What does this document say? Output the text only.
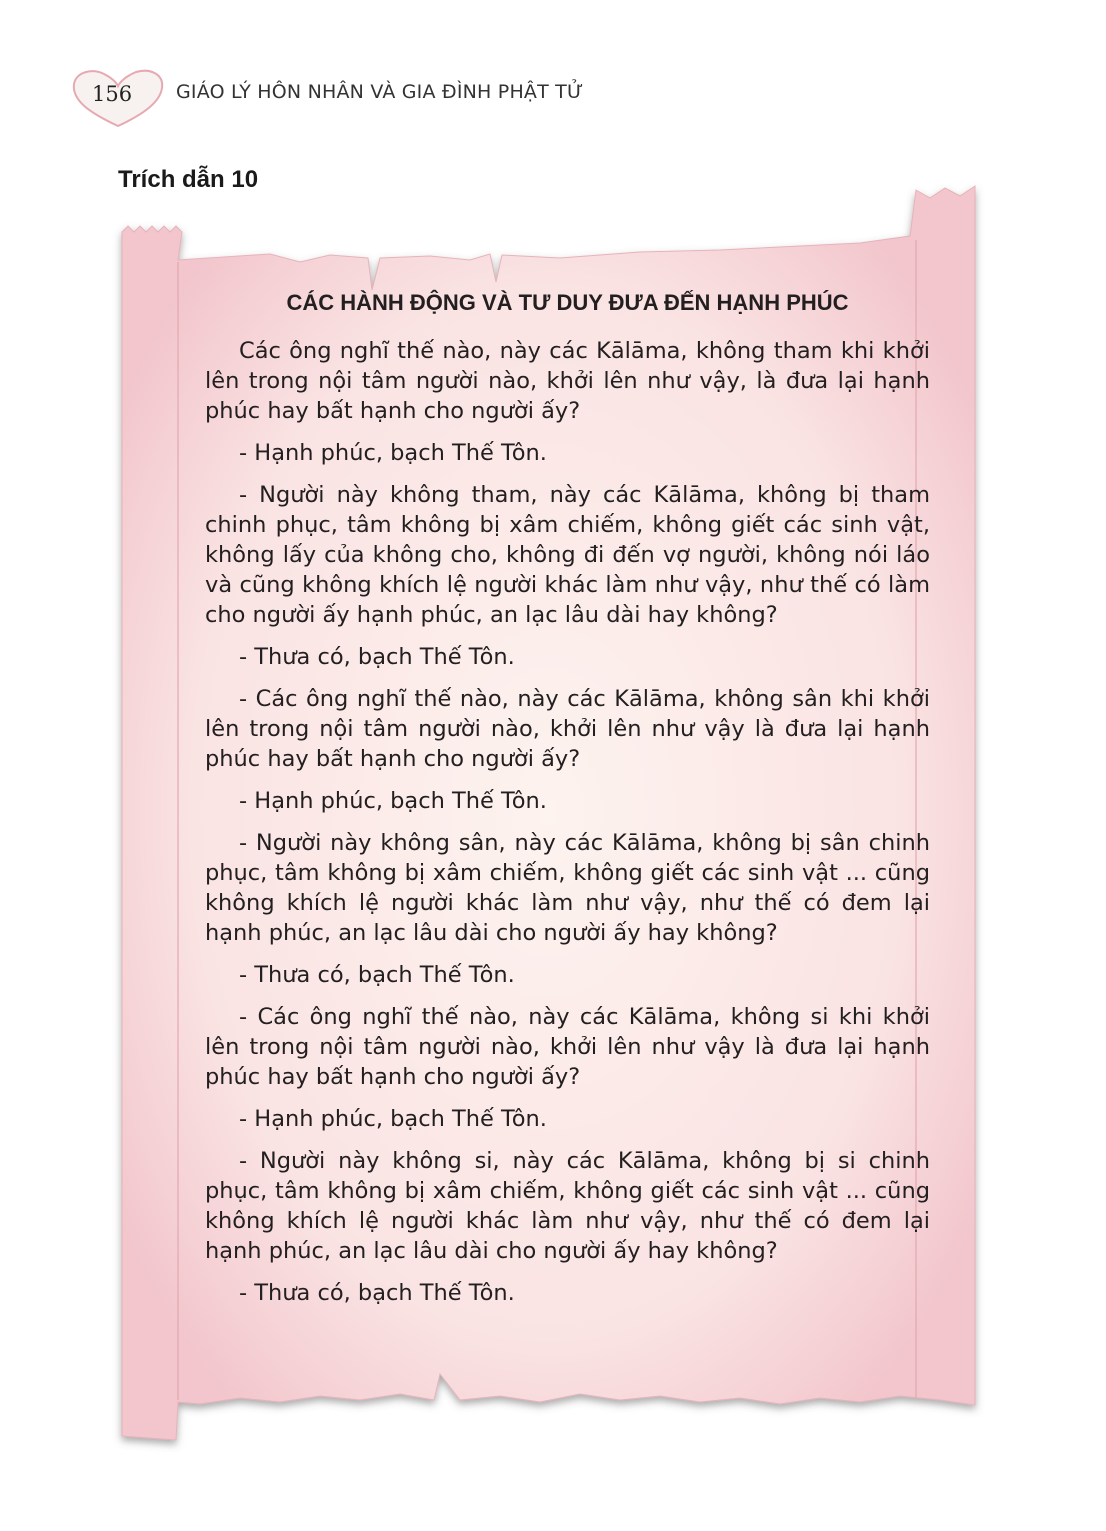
156 GIÁO LÝ HÔN NHÂN VÀ GIA ĐÌNH PHẬT TỬ
Trích dẫn 10
CÁC HÀNH ĐỘNG VÀ TƯ DUY ĐƯA ĐẾN HẠNH PHÚC

Các ông nghĩ thế nào, này các Kālāma, không tham khi khởi lên trong nội tâm người nào, khởi lên như vậy, là đưa lại hạnh phúc hay bất hạnh cho người ấy?

- Hạnh phúc, bạch Thế Tôn.

- Người này không tham, này các Kālāma, không bị tham chinh phục, tâm không bị xâm chiếm, không giết các sinh vật, không lấy của không cho, không đi đến vợ người, không nói láo và cũng không khích lệ người khác làm như vậy, như thế có làm cho người ấy hạnh phúc, an lạc lâu dài hay không?

- Thưa có, bạch Thế Tôn.

- Các ông nghĩ thế nào, này các Kālāma, không sân khi khởi lên trong nội tâm người nào, khởi lên như vậy là đưa lại hạnh phúc hay bất hạnh cho người ấy?

- Hạnh phúc, bạch Thế Tôn.

- Người này không sân, này các Kālāma, không bị sân chinh phục, tâm không bị xâm chiếm, không giết các sinh vật ... cũng không khích lệ người khác làm như vậy, như thế có đem lại hạnh phúc, an lạc lâu dài cho người ấy hay không?

- Thưa có, bạch Thế Tôn.

- Các ông nghĩ thế nào, này các Kālāma, không si khi khởi lên trong nội tâm người nào, khởi lên như vậy là đưa lại hạnh phúc hay bất hạnh cho người ấy?

- Hạnh phúc, bạch Thế Tôn.

- Người này không si, này các Kālāma, không bị si chinh phục, tâm không bị xâm chiếm, không giết các sinh vật ... cũng không khích lệ người khác làm như vậy, như thế có đem lại hạnh phúc, an lạc lâu dài cho người ấy hay không?

- Thưa có, bạch Thế Tôn.
